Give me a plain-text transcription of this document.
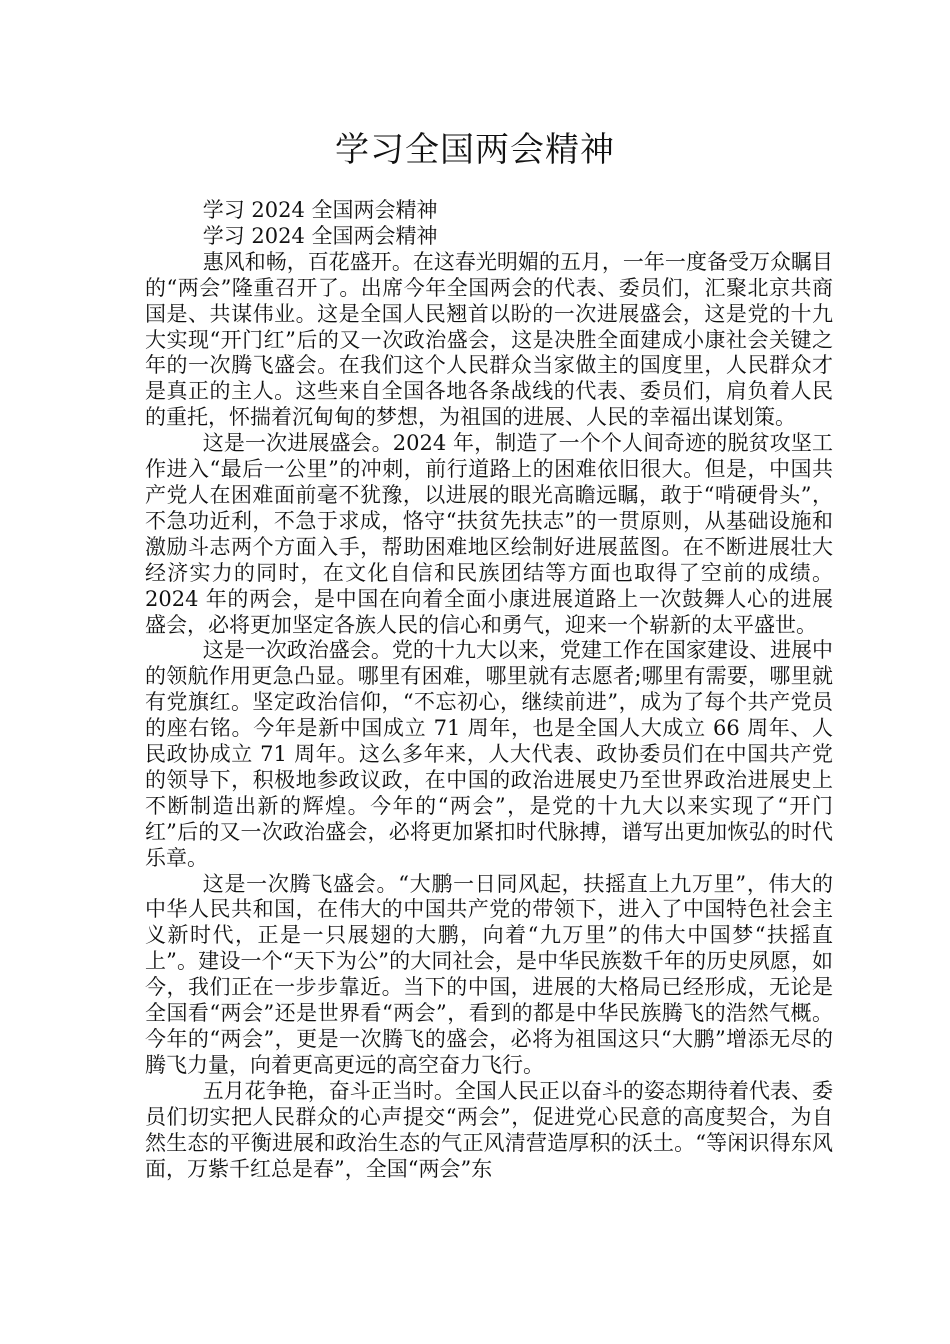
学习全国两会精神

学习 2024 全国两会精神

学习 2024 全国两会精神

惠风和畅，百花盛开。在这春光明媚的五月，一年一度备受万众瞩目的“两会”隆重召开了。出席今年全国两会的代表、委员们，汇聚北京共商国是、共谋伟业。这是全国人民翘首以盼的一次进展盛会，这是党的十九大实现“开门红”后的又一次政治盛会，这是决胜全面建成小康社会关键之年的一次腾飞盛会。在我们这个人民群众当家做主的国度里，人民群众才是真正的主人。这些来自全国各地各条战线的代表、委员们，肩负着人民的重托，怀揣着沉甸甸的梦想，为祖国的进展、人民的幸福出谋划策。

这是一次进展盛会。2024 年，制造了一个个人间奇迹的脱贫攻坚工作进入“最后一公里”的冲刺，前行道路上的困难依旧很大。但是，中国共产党人在困难面前毫不犹豫，以进展的眼光高瞻远瞩，敢于“啃硬骨头”，不急功近利，不急于求成，恪守“扶贫先扶志”的一贯原则，从基础设施和激励斗志两个方面入手，帮助困难地区绘制好进展蓝图。在不断进展壮大经济实力的同时，在文化自信和民族团结等方面也取得了空前的成绩。2024 年的两会，是中国在向着全面小康进展道路上一次鼓舞人心的进展盛会，必将更加坚定各族人民的信心和勇气，迎来一个崭新的太平盛世。

这是一次政治盛会。党的十九大以来，党建工作在国家建设、进展中的领航作用更急凸显。哪里有困难，哪里就有志愿者;哪里有需要，哪里就有党旗红。坚定政治信仰，“不忘初心，继续前进”，成为了每个共产党员的座右铭。今年是新中国成立 71 周年，也是全国人大成立 66 周年、人民政协成立 71 周年。这么多年来，人大代表、政协委员们在中国共产党的领导下，积极地参政议政，在中国的政治进展史乃至世界政治进展史上不断制造出新的辉煌。今年的“两会”，是党的十九大以来实现了“开门红”后的又一次政治盛会，必将更加紧扣时代脉搏，谱写出更加恢弘的时代乐章。

这是一次腾飞盛会。“大鹏一日同风起，扶摇直上九万里”，伟大的中华人民共和国，在伟大的中国共产党的带领下，进入了中国特色社会主义新时代，正是一只展翅的大鹏，向着“九万里”的伟大中国梦“扶摇直上”。建设一个“天下为公”的大同社会，是中华民族数千年的历史夙愿，如今，我们正在一步步靠近。当下的中国，进展的大格局已经形成，无论是全国看“两会”还是世界看“两会”，看到的都是中华民族腾飞的浩然气概。今年的“两会”，更是一次腾飞的盛会，必将为祖国这只“大鹏”增添无尽的腾飞力量，向着更高更远的高空奋力飞行。

五月花争艳，奋斗正当时。全国人民正以奋斗的姿态期待着代表、委员们切实把人民群众的心声提交“两会”，促进党心民意的高度契合，为自然生态的平衡进展和政治生态的气正风清营造厚积的沃土。“等闲识得东风面，万紫千红总是春”，全国“两会”东
